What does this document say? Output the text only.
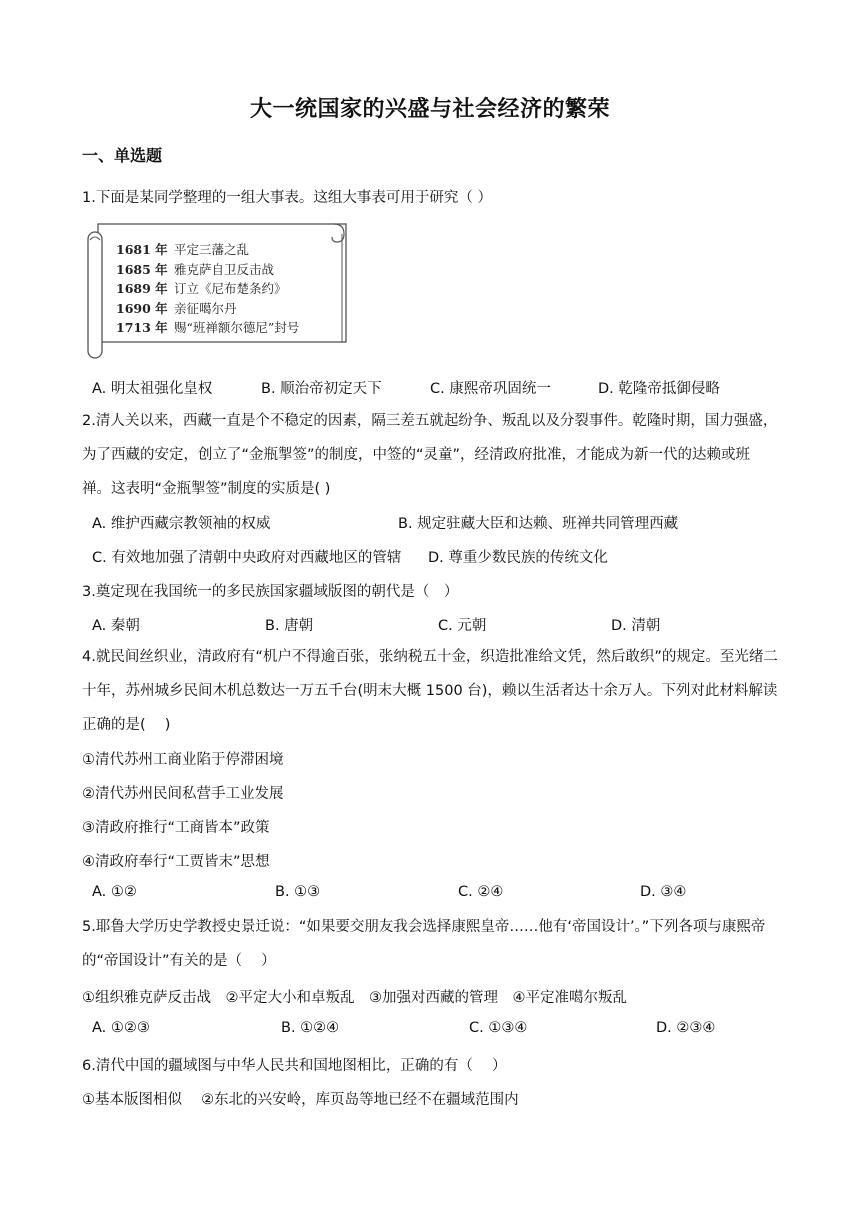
大一统国家的兴盛与社会经济的繁荣
一、单选题
1.下面是某同学整理的一组大事表。这组大事表可用于研究（ ）
1681 年 平定三藩之乱
1685 年 雅克萨自卫反击战
1689 年 订立《尼布楚条约》
1690 年 亲征噶尔丹
1713 年 赐“班禅额尔德尼”封号
A. 明太祖强化皇权	B. 顺治帝初定天下	C. 康熙帝巩固统一	D. 乾隆帝抵御侵略
2.清人关以来，西藏一直是个不稳定的因素，隔三差五就起纷争、叛乱以及分裂事件。乾隆时期，国力强盛，为了西藏的安定，创立了“金瓶掣签”的制度，中签的“灵童”，经清政府批准，才能成为新一代的达赖或班禅。这表明“金瓶掣签”制度的实质是( )
A. 维护西藏宗教领袖的权威	B. 规定驻藏大臣和达赖、班禅共同管理西藏
C. 有效地加强了清朝中央政府对西藏地区的管辖 D. 尊重少数民族的传统文化
3.奠定现在我国统一的多民族国家疆域版图的朝代是（　）
A. 秦朝	B. 唐朝	C. 元朝	D. 清朝
4.就民间丝织业，清政府有“机户不得逾百张，张纳税五十金，织造批准给文凭，然后敢织”的规定。至光绪二十年，苏州城乡民间木机总数达一万五千台(明末大概 1500 台)，赖以生活者达十余万人。下列对此材料解读正确的是(　 )
①清代苏州工商业陷于停滞困境
②清代苏州民间私营手工业发展
③清政府推行“工商皆本”政策
④清政府奉行“工贾皆末”思想
A. ①②	B. ①③	C. ②④	D. ③④
5.耶鲁大学历史学教授史景迁说：“如果要交朋友我会选择康熙皇帝……他有‘帝国设计’。”下列各项与康熙帝的“帝国设计”有关的是（　 ）
①组织雅克萨反击战　②平定大小和卓叛乱　③加强对西藏的管理　④平定准噶尔叛乱
A. ①②③	B. ①②④	C. ①③④	D. ②③④
6.清代中国的疆域图与中华人民共和国地图相比，正确的有（　 ）
①基本版图相似　 ②东北的兴安岭，库页岛等地已经不在疆域范围内
